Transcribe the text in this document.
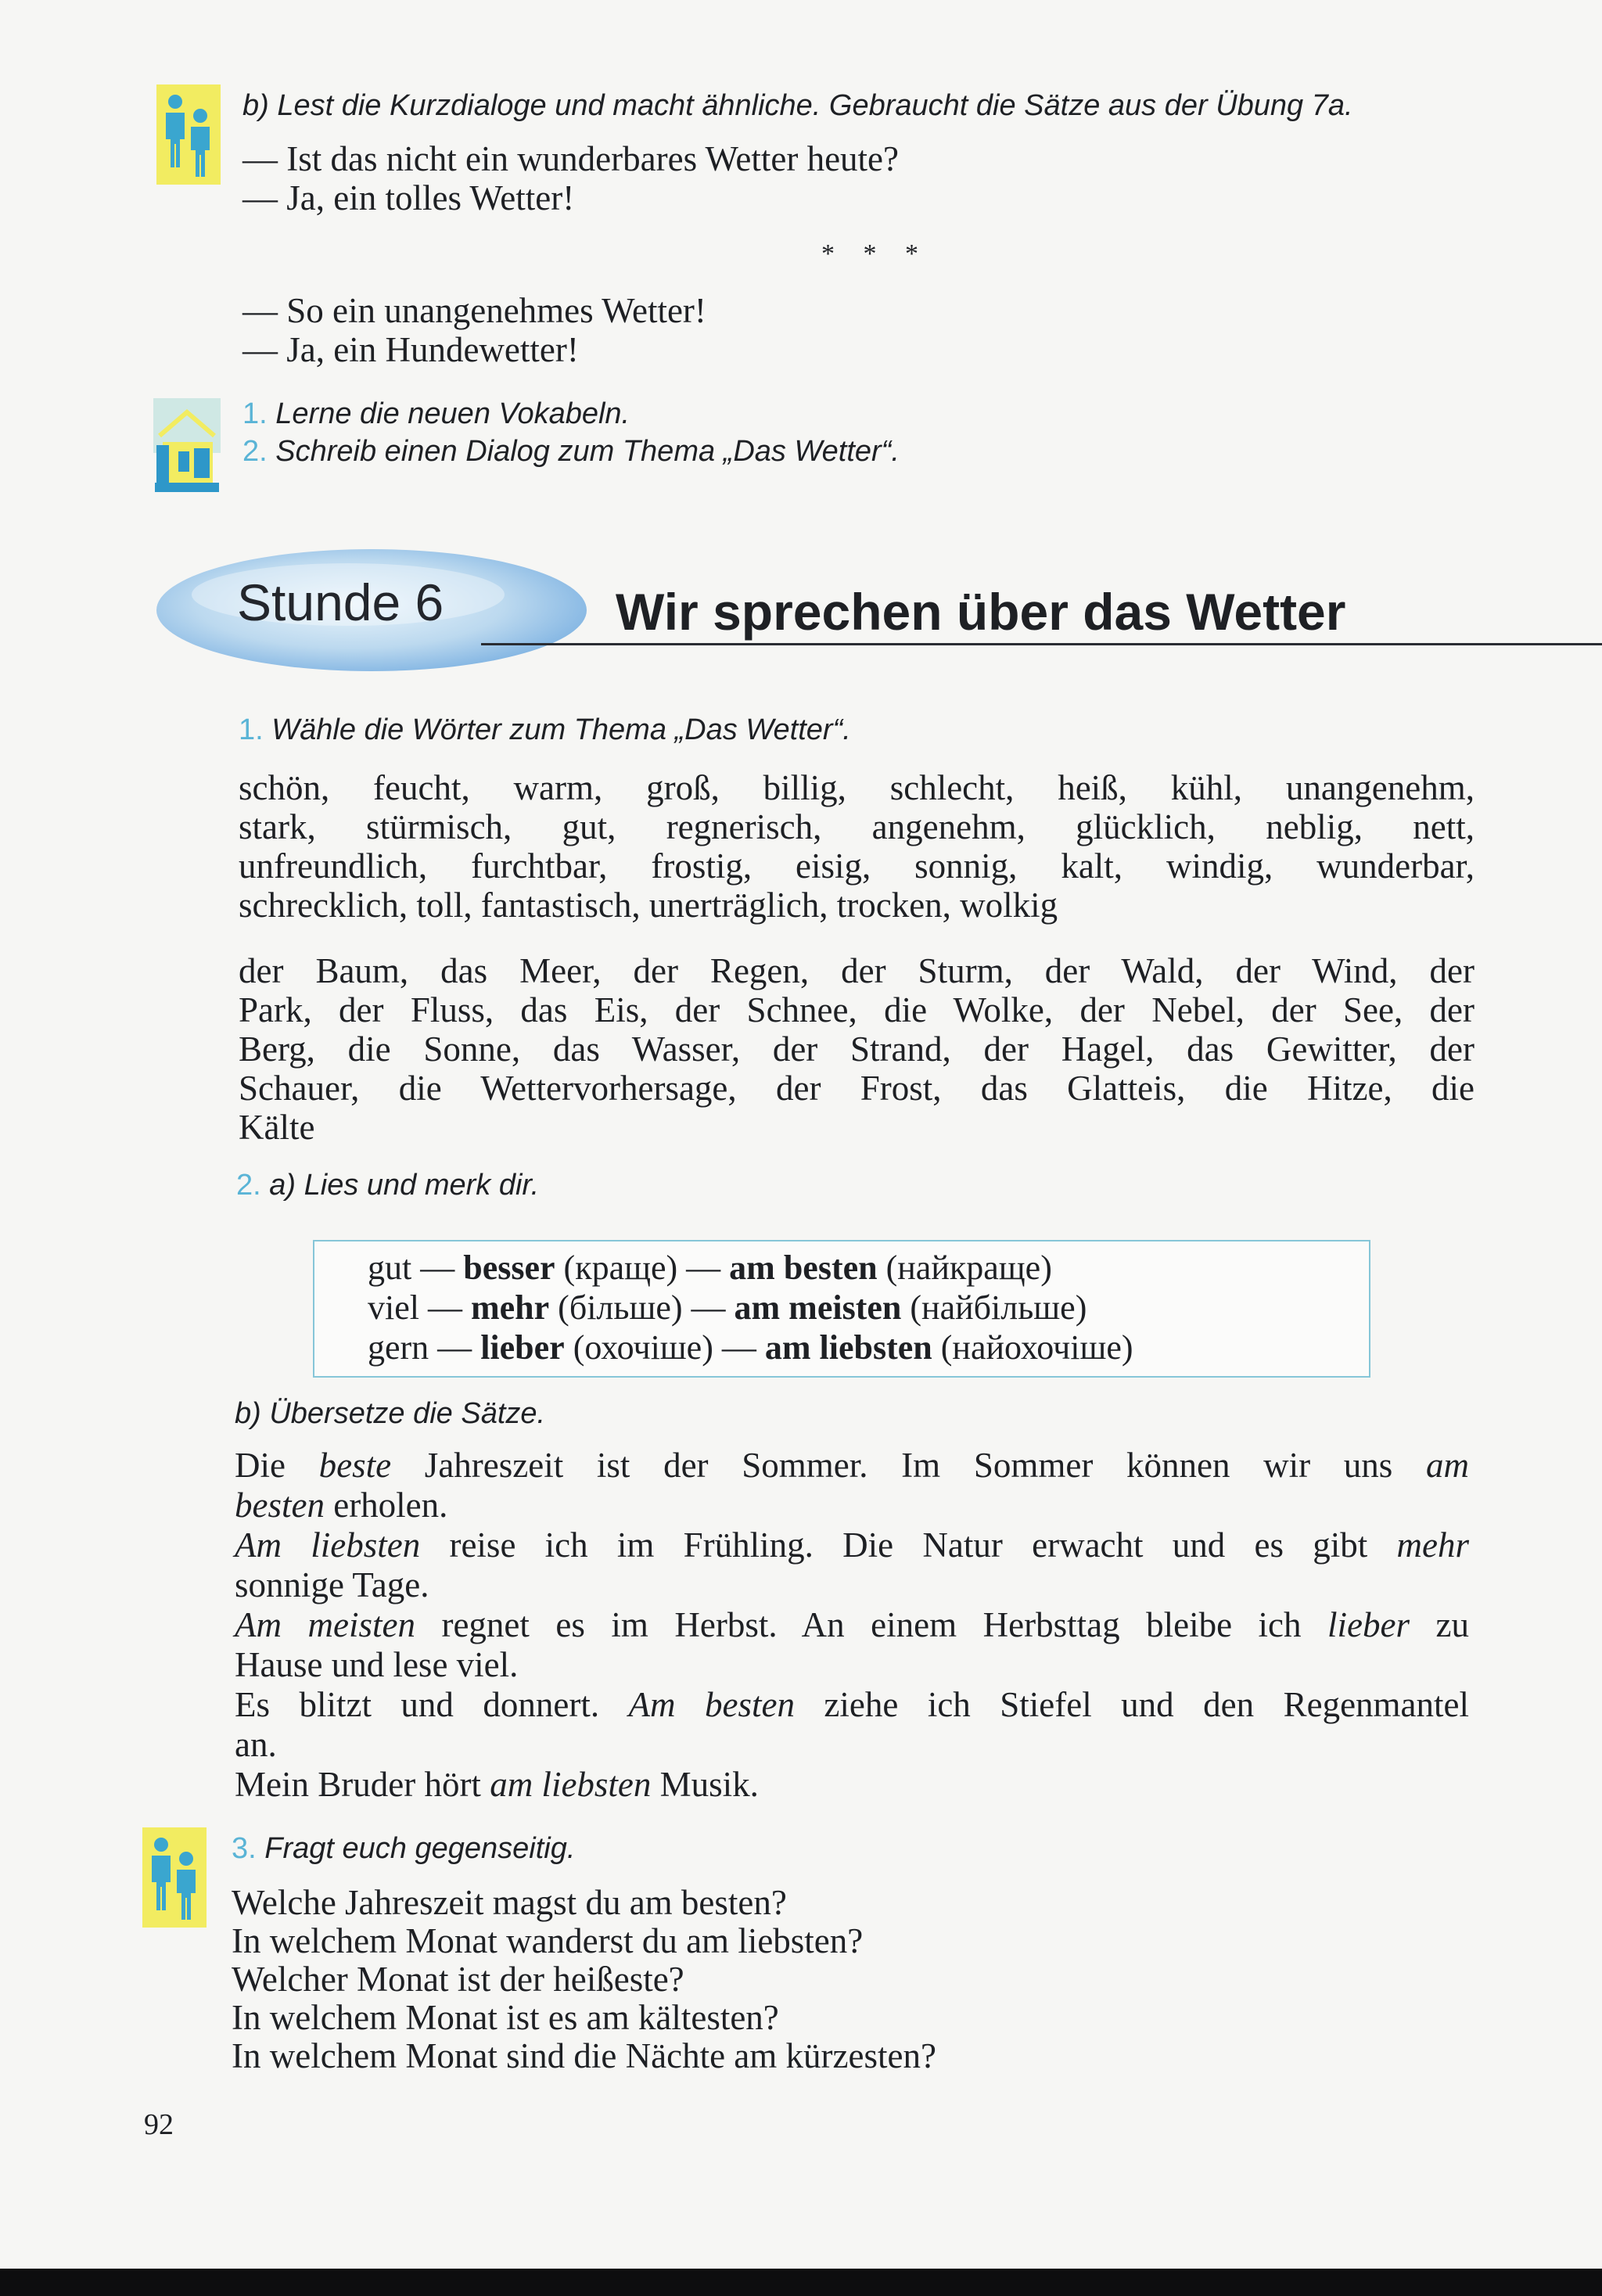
b) Lest die Kurzdialoge und macht ähnliche. Gebraucht die Sätze aus der Übung 7a.
— Ist das nicht ein wunderbares Wetter heute?
— Ja, ein tolles Wetter!
* * *
— So ein unangenehmes Wetter!
— Ja, ein Hundewetter!
1. Lerne die neuen Vokabeln.
2. Schreib einen Dialog zum Thema „Das Wetter“.
Stunde 6	Wir sprechen über das Wetter
1. Wähle die Wörter zum Thema „Das Wetter“.
schön, feucht, warm, groß, billig, schlecht, heiß, kühl, unangenehm,
stark, stürmisch, gut, regnerisch, angenehm, glücklich, neblig, nett,
unfreundlich, furchtbar, frostig, eisig, sonnig, kalt, windig, wunderbar,
schrecklich, toll, fantastisch, unerträglich, trocken, wolkig
der Baum, das Meer, der Regen, der Sturm, der Wald, der Wind, der
Park, der Fluss, das Eis, der Schnee, die Wolke, der Nebel, der See, der
Berg, die Sonne, das Wasser, der Strand, der Hagel, das Gewitter, der
Schauer, die Wettervorhersage, der Frost, das Glatteis, die Hitze, die
Kälte
2. a) Lies und merk dir.
gut — besser (краще) — am besten (найкраще)
viel — mehr (більше) — am meisten (найбільше)
gern — lieber (охочіше) — am liebsten (найохочіше)
b) Übersetze die Sätze.
Die beste Jahreszeit ist der Sommer. Im Sommer können wir uns am
besten erholen.
Am liebsten reise ich im Frühling. Die Natur erwacht und es gibt mehr
sonnige Tage.
Am meisten regnet es im Herbst. An einem Herbsttag bleibe ich lieber zu
Hause und lese viel.
Es blitzt und donnert. Am besten ziehe ich Stiefel und den Regenmantel
an.
Mein Bruder hört am liebsten Musik.
3. Fragt euch gegenseitig.
Welche Jahreszeit magst du am besten?
In welchem Monat wanderst du am liebsten?
Welcher Monat ist der heißeste?
In welchem Monat ist es am kältesten?
In welchem Monat sind die Nächte am kürzesten?
92
